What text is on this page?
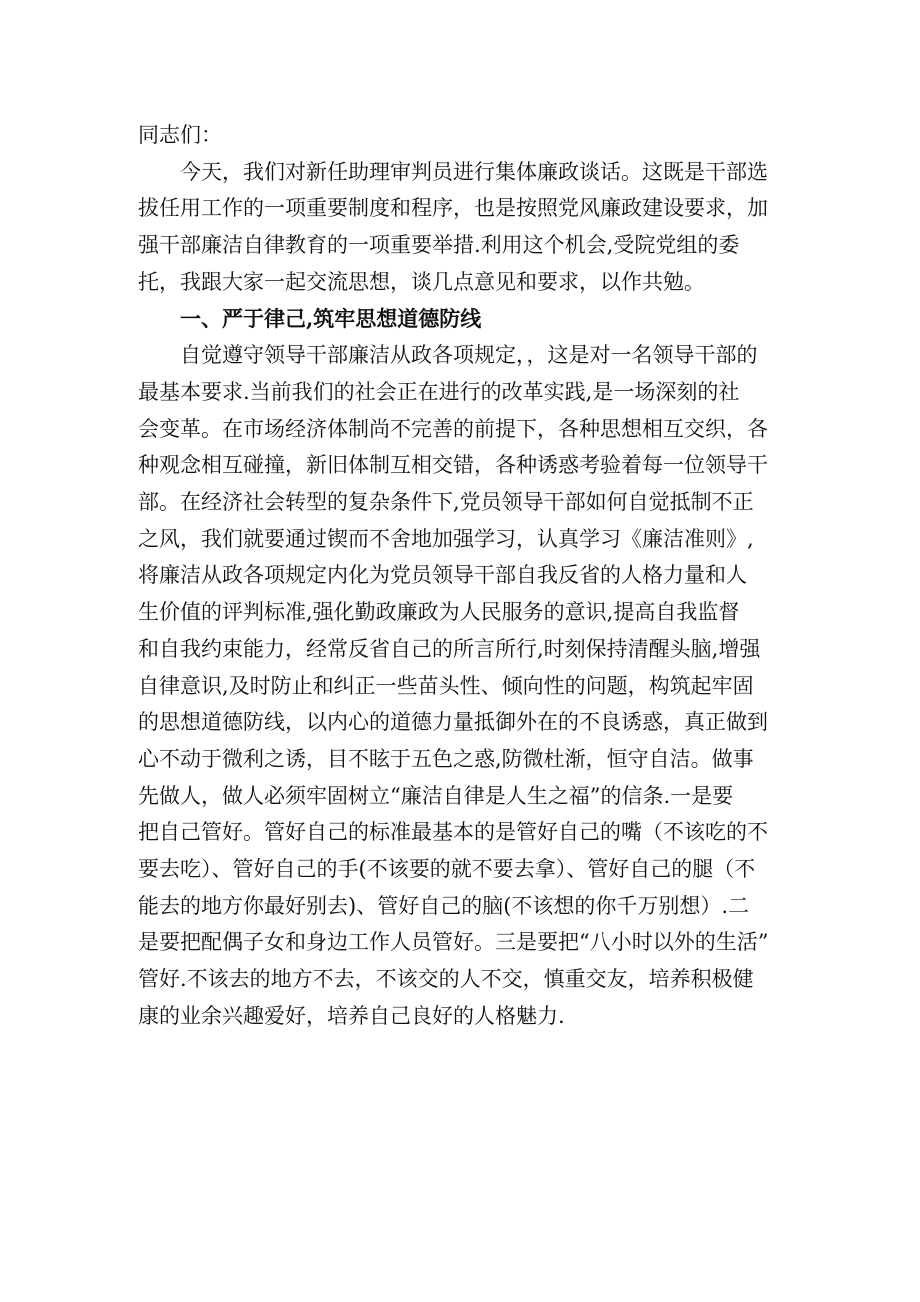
同志们：

今天，我们对新任助理审判员进行集体廉政谈话。这既是干部选
拔任用工作的一项重要制度和程序，也是按照党风廉政建设要求，加
强干部廉洁自律教育的一项重要举措.利用这个机会,受院党组的委
托，我跟大家一起交流思想，谈几点意见和要求，以作共勉。

一、严于律己,筑牢思想道德防线

自觉遵守领导干部廉洁从政各项规定，，这是对一名领导干部的
最基本要求.当前我们的社会正在进行的改革实践,是一场深刻的社
会变革。在市场经济体制尚不完善的前提下，各种思想相互交织，各
种观念相互碰撞，新旧体制互相交错，各种诱惑考验着每一位领导干
部。在经济社会转型的复杂条件下,党员领导干部如何自觉抵制不正
之风，我们就要通过锲而不舍地加强学习，认真学习《廉洁准则》,
将廉洁从政各项规定内化为党员领导干部自我反省的人格力量和人
生价值的评判标准,强化勤政廉政为人民服务的意识,提高自我监督
和自我约束能力，经常反省自己的所言所行,时刻保持清醒头脑,增强
自律意识,及时防止和纠正一些苗头性、倾向性的问题，构筑起牢固
的思想道德防线，以内心的道德力量抵御外在的不良诱惑，真正做到
心不动于微利之诱，目不眩于五色之惑,防微杜渐，恒守自洁。做事
先做人，做人必须牢固树立“廉洁自律是人生之福”的信条.一是要
把自己管好。管好自己的标准最基本的是管好自己的嘴（不该吃的不
要去吃）、管好自己的手(不该要的就不要去拿）、管好自己的腿（不
能去的地方你最好别去)、管好自己的脑(不该想的你千万别想）.二
是要把配偶子女和身边工作人员管好。三是要把“八小时以外的生活”
管好.不该去的地方不去，不该交的人不交，慎重交友，培养积极健
康的业余兴趣爱好，培养自己良好的人格魅力.
